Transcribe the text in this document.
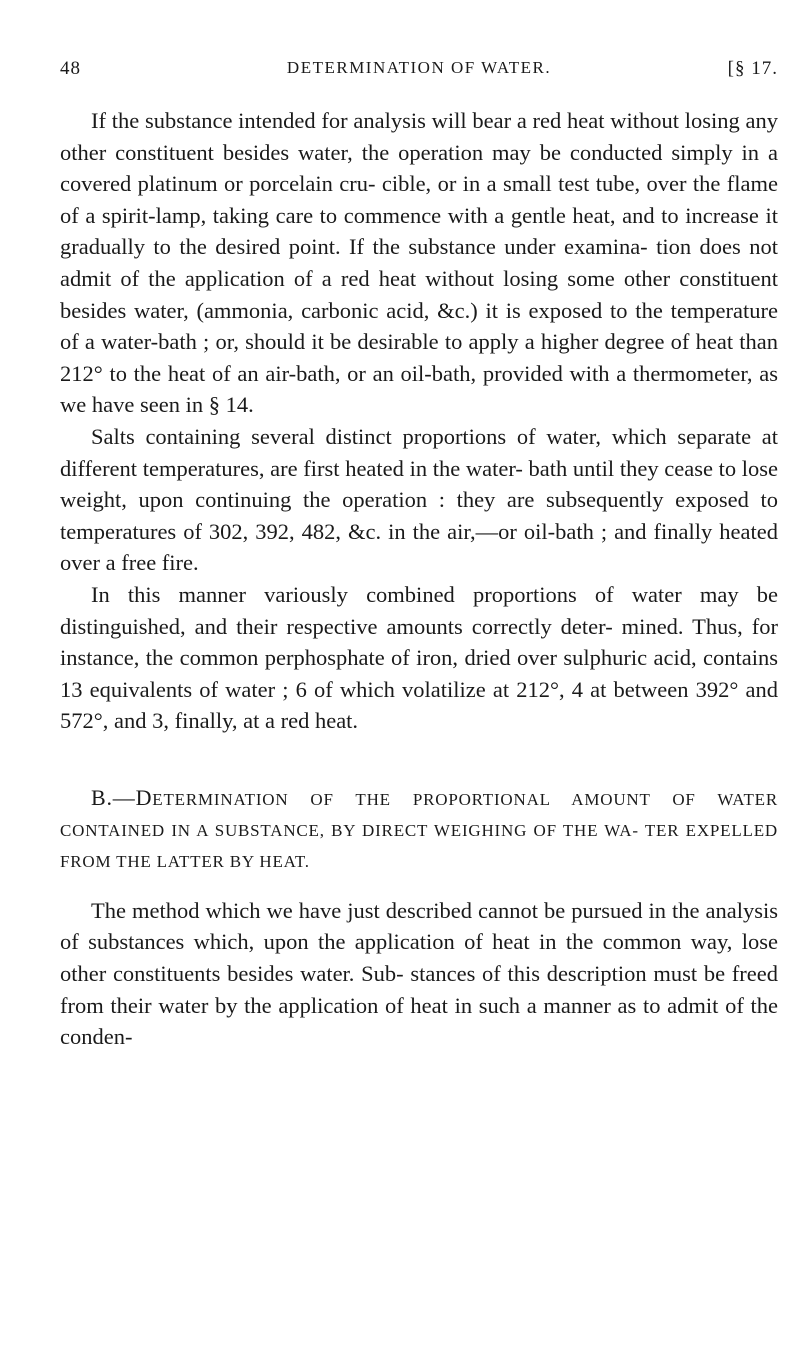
48	DETERMINATION OF WATER.	[§ 17.

If the substance intended for analysis will bear a red heat without losing any other constituent besides water, the operation may be conducted simply in a covered platinum or porcelain cru- cible, or in a small test tube, over the flame of a spirit-lamp, taking care to commence with a gentle heat, and to increase it gradually to the desired point. If the substance under examina- tion does not admit of the application of a red heat without losing some other constituent besides water, (ammonia, carbonic acid, &c.) it is exposed to the temperature of a water-bath ; or, should it be desirable to apply a higher degree of heat than 212° to the heat of an air-bath, or an oil-bath, provided with a thermometer, as we have seen in § 14.

Salts containing several distinct proportions of water, which separate at different temperatures, are first heated in the water- bath until they cease to lose weight, upon continuing the operation : they are subsequently exposed to temperatures of 302, 392, 482, &c. in the air,—or oil-bath ; and finally heated over a free fire.

In this manner variously combined proportions of water may be distinguished, and their respective amounts correctly deter- mined. Thus, for instance, the common perphosphate of iron, dried over sulphuric acid, contains 13 equivalents of water ; 6 of which volatilize at 212°, 4 at between 392° and 572°, and 3, finally, at a red heat.

B.—DETERMINATION OF THE PROPORTIONAL AMOUNT OF WATER CONTAINED IN A SUBSTANCE, BY DIRECT WEIGHING OF THE WA- TER EXPELLED FROM THE LATTER BY HEAT.

The method which we have just described cannot be pursued in the analysis of substances which, upon the application of heat in the common way, lose other constituents besides water. Sub- stances of this description must be freed from their water by the application of heat in such a manner as to admit of the conden-
